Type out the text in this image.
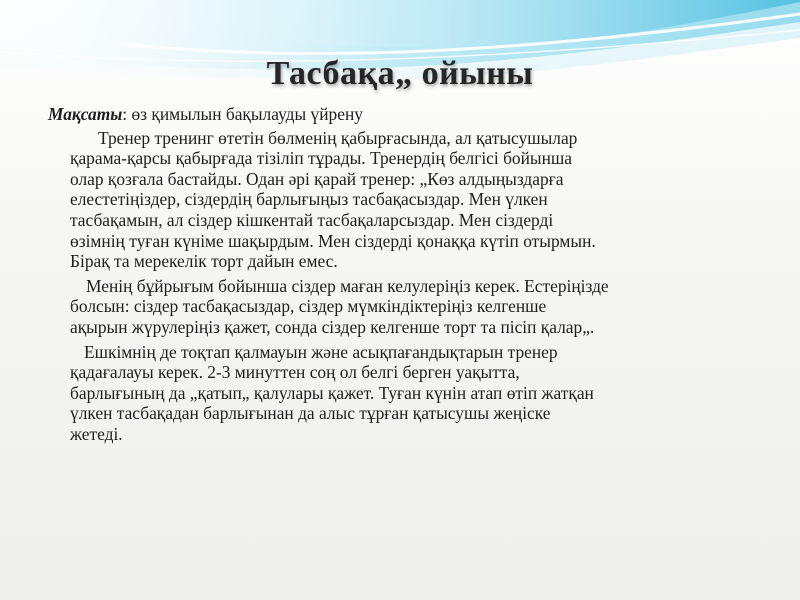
Тасбақа„ ойыны

Мақсаты: өз қимылын бақылауды үйрену

Тренер тренинг өтетін бөлменің қабырғасында, ал қатысушылар
қарама-қарсы қабырғада тізіліп тұрады. Тренердің белгісі бойынша
олар қозғала бастайды. Одан әрі қарай тренер: „Көз алдыңыздарға
елестетіңіздер, сіздердің барлығыңыз тасбақасыздар. Мен үлкен
тасбақамын, ал сіздер кішкентай тасбақаларсыздар. Мен сіздерді
өзімнің туған күніме шақырдым. Мен сіздерді қонаққа күтіп отырмын.
Бірақ та мерекелік торт дайын емес.

Менің бұйрығым бойынша сіздер маған келулеріңіз керек. Естеріңізде
болсын: сіздер тасбақасыздар, сіздер мүмкіндіктеріңіз келгенше
ақырын жүрулеріңіз қажет, сонда сіздер келгенше торт та пісіп қалар„.

Ешкімнің де тоқтап қалмауын және асықпағандықтарын тренер
қадағалауы керек. 2-3 минуттен соң ол белгі берген уақытта,
барлығының да „қатып„ қалулары қажет. Туған күнін атап өтіп жатқан
үлкен тасбақадан барлығынан да алыс тұрған қатысушы жеңіске
жетеді.
